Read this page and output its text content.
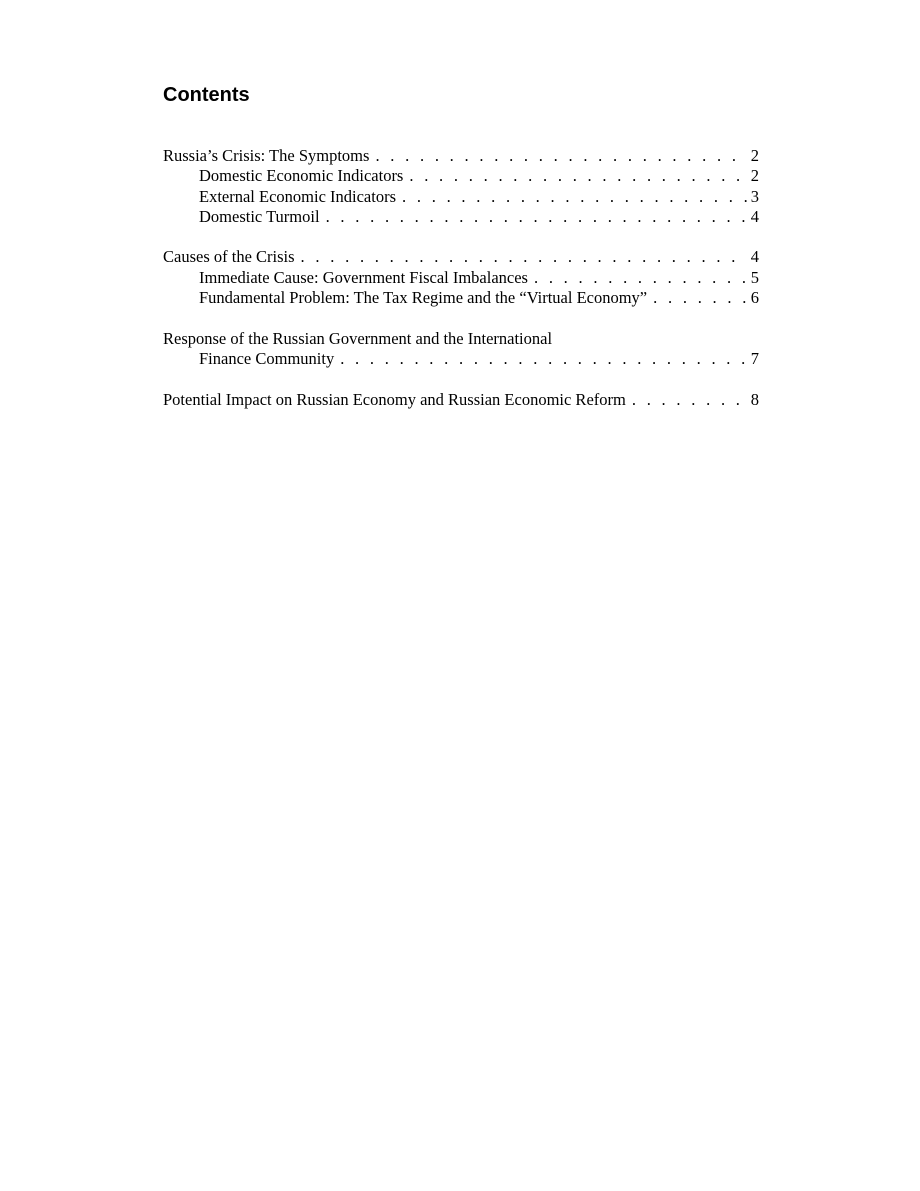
Contents
Russia’s Crisis: The Symptoms . . .	2
Domestic Economic Indicators . . .	2
External Economic Indicators . . .	3
Domestic Turmoil . . .	4
Causes of the Crisis . . .	4
Immediate Cause: Government Fiscal Imbalances . . .	5
Fundamental Problem: The Tax Regime and the “Virtual Economy” . . .	6
Response of the Russian Government and the International
Finance Community . . .	7
Potential Impact on Russian Economy and Russian Economic Reform . . .	8
